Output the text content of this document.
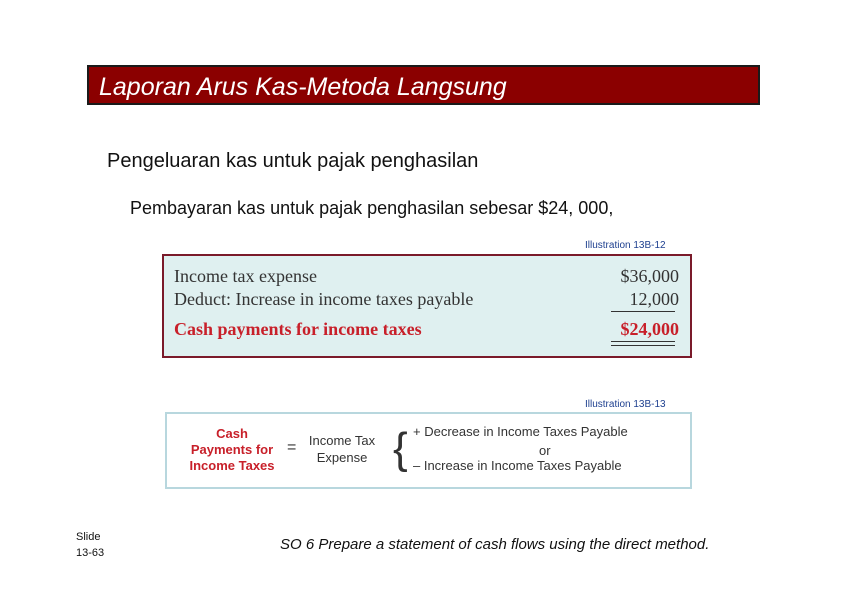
Laporan Arus Kas-Metoda Langsung
Pengeluaran kas untuk pajak penghasilan
Pembayaran kas untuk pajak penghasilan sebesar $24, 000,
Illustration 13B-12
Income tax expense	$36,000
Deduct: Increase in income taxes payable	12,000
Cash payments for income taxes	$24,000
Illustration 13B-13
Cash
Payments for
Income Taxes
= Income Tax
Expense { + Decrease in Income Taxes Payable
or
– Increase in Income Taxes Payable
Slide
13-63	SO 6 Prepare a statement of cash flows using the direct method.
